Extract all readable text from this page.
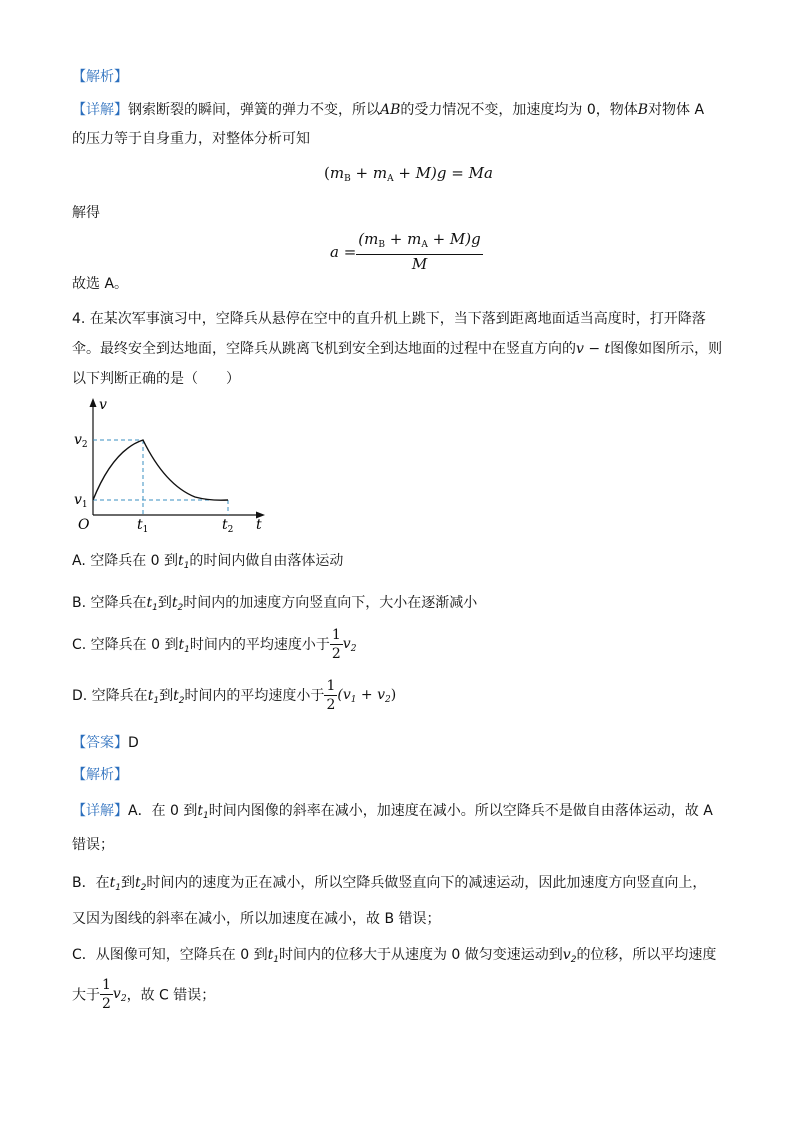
【解析】
【详解】钢索断裂的瞬间，弹簧的弹力不变，所以AB的受力情况不变，加速度均为 0，物体B对物体 A
的压力等于自身重力，对整体分析可知
$(m_B + m_A + M)g = Ma$
解得
$a = \frac{(m_B + m_A + M)g}{M}$
故选 A。
4. 在某次军事演习中，空降兵从悬停在空中的直升机上跳下，当下落到距离地面适当高度时，打开降落
伞。最终安全到达地面，空降兵从跳离飞机到安全到达地面的过程中在竖直方向的v − t图像如图所示，则
以下判断正确的是（　　）
v
t
O
$v_2$
$v_1$
$t_1$	$t_2$
A. 空降兵在 0 到$t_1$的时间内做自由落体运动
B. 空降兵在$t_1$到$t_2$时间内的加速度方向竖直向下，大小在逐渐减小
C. 空降兵在 0 到$t_1$时间内的平均速度小于 $\frac{1}{2} v_2$
D. 空降兵在$t_1$到$t_2$时间内的平均速度小于 $\frac{1}{2} (v_1 + v_2)$
【答案】D
【解析】
【详解】A．在 0 到$t_1$时间内图像的斜率在减小，加速度在减小。所以空降兵不是做自由落体运动，故 A
错误；
B．在$t_1$到$t_2$时间内的速度为正在减小，所以空降兵做竖直向下的减速运动，因此加速度方向竖直向上，
又因为图线的斜率在减小，所以加速度在减小，故 B 错误；
C．从图像可知，空降兵在 0 到$t_1$时间内的位移大于从速度为 0 做匀变速运动到$v_2$的位移，所以平均速度
大于 $\frac{1}{2} v_2$，故 C 错误；
